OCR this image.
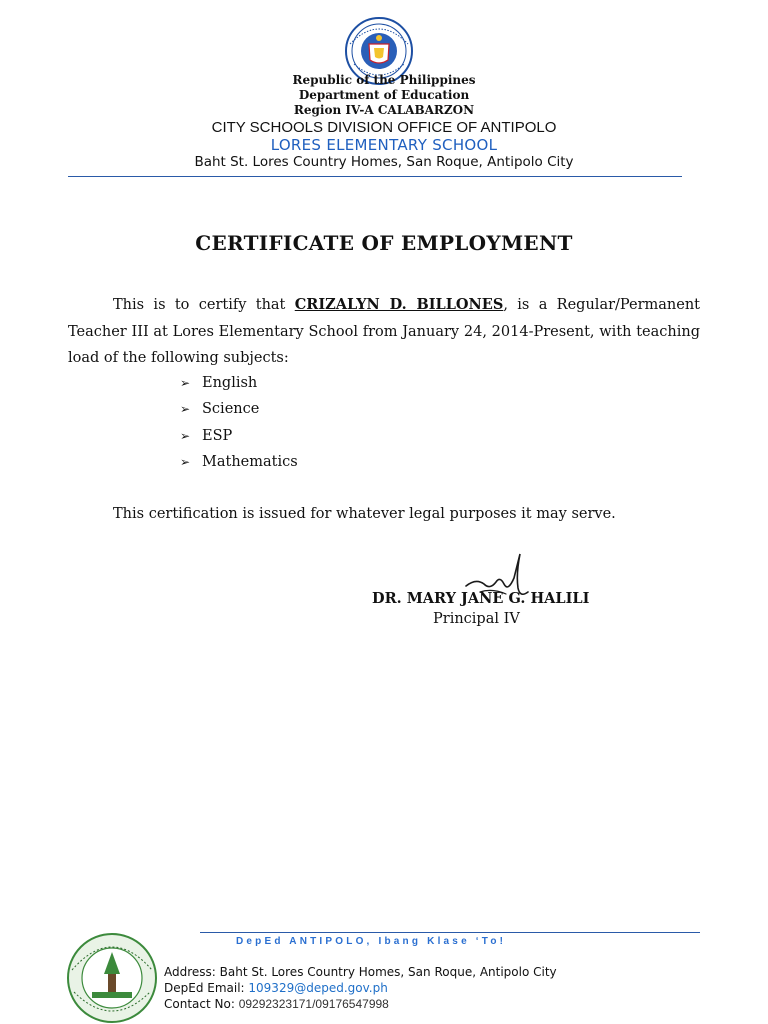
Republic of the Philippines
Department of Education
Region IV-A CALABARZON
CITY SCHOOLS DIVISION OFFICE OF ANTIPOLO
LORES ELEMENTARY SCHOOL
Baht St. Lores Country Homes, San Roque, Antipolo City
CERTIFICATE OF EMPLOYMENT
This is to certify that CRIZALYN D. BILLONES, is a Regular/Permanent Teacher III at Lores Elementary School from January 24, 2014-Present, with teaching load of the following subjects:
➢ English
➢ Science
➢ ESP
➢ Mathematics
This certification is issued for whatever legal purposes it may serve.
DR. MARY JANE G. HALILI
Principal IV
DepEd ANTIPOLO, Ibang Klase ‘To!
Address: Baht St. Lores Country Homes, San Roque, Antipolo City
DepEd Email: 109329@deped.gov.ph
Contact No: 09292323171/09176547998
